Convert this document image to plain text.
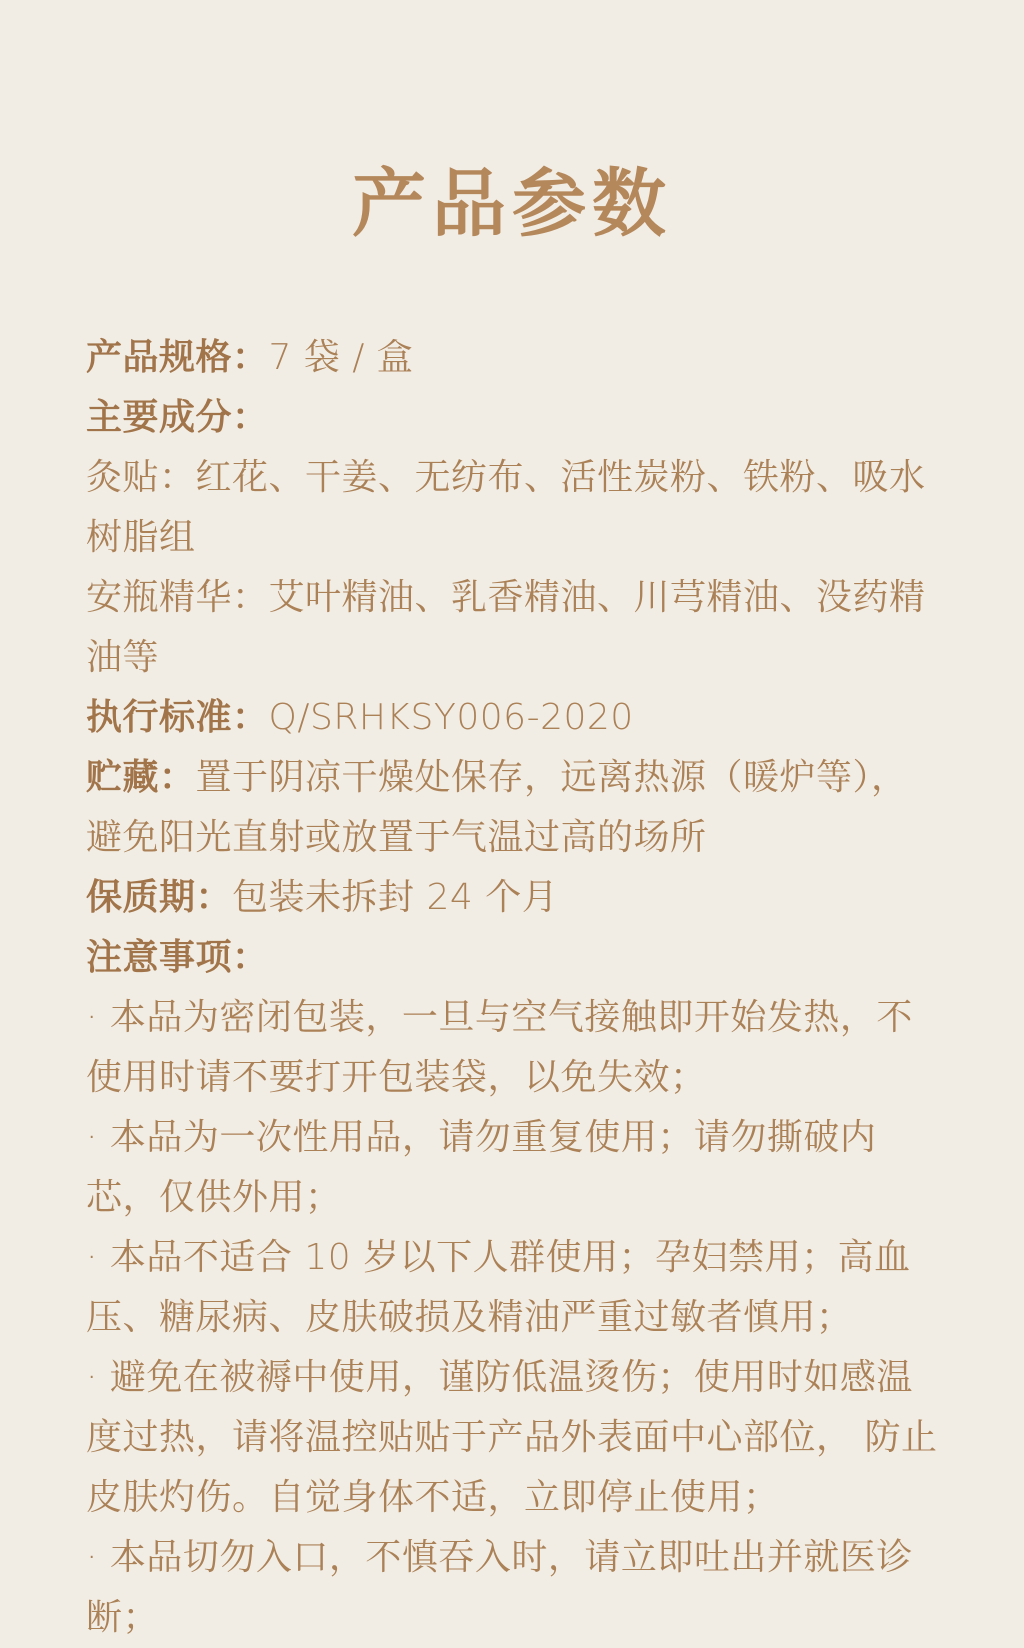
产品参数

产品规格：7 袋 / 盒

主要成分：

灸贴：红花、干姜、无纺布、活性炭粉、铁粉、吸水树脂组

安瓶精华：艾叶精油、乳香精油、川芎精油、没药精油等

执行标准：Q/SRHKSY006-2020

贮藏：置于阴凉干燥处保存，远离热源（暖炉等），避免阳光直射或放置于气温过高的场所

保质期：包装未拆封 24 个月

注意事项：

· 本品为密闭包装，一旦与空气接触即开始发热，不使用时请不要打开包装袋，以免失效；

· 本品为一次性用品，请勿重复使用；请勿撕破内芯，仅供外用；

· 本品不适合 10 岁以下人群使用；孕妇禁用；高血压、糖尿病、皮肤破损及精油严重过敏者慎用；

· 避免在被褥中使用，谨防低温烫伤；使用时如感温度过热，请将温控贴贴于产品外表面中心部位， 防止皮肤灼伤。自觉身体不适，立即停止使用；

· 本品切勿入口，不慎吞入时，请立即吐出并就医诊断；
